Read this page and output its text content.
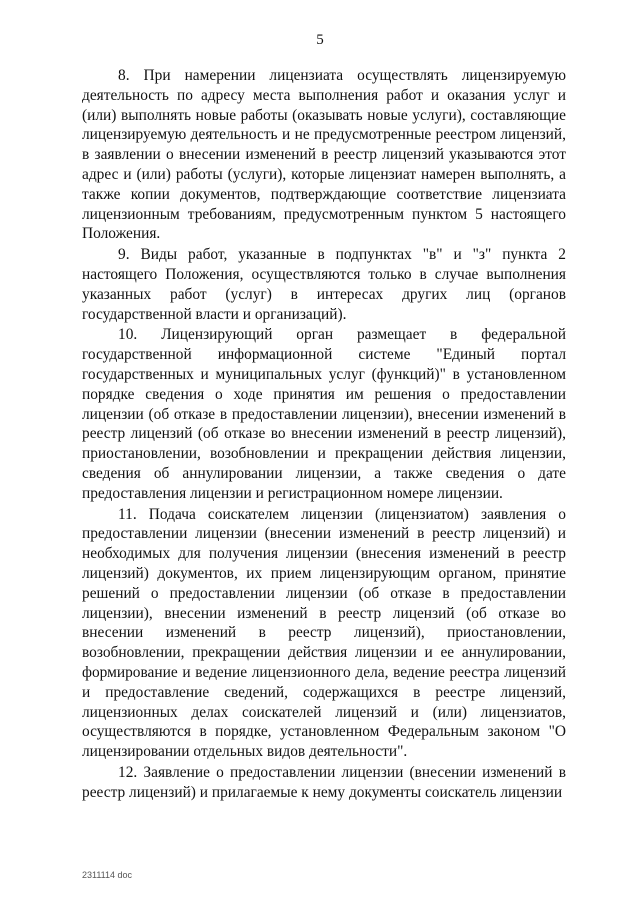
5

8. При намерении лицензиата осуществлять лицензируемую деятельность по адресу места выполнения работ и оказания услуг и (или) выполнять новые работы (оказывать новые услуги), составляющие лицензируемую деятельность и не предусмотренные реестром лицензий, в заявлении о внесении изменений в реестр лицензий указываются этот адрес и (или) работы (услуги), которые лицензиат намерен выполнять, а также копии документов, подтверждающие соответствие лицензиата лицензионным требованиям, предусмотренным пунктом 5 настоящего Положения.

9. Виды работ, указанные в подпунктах "в" и "з" пункта 2 настоящего Положения, осуществляются только в случае выполнения указанных работ (услуг) в интересах других лиц (органов государственной власти и организаций).

10. Лицензирующий орган размещает в федеральной государственной информационной системе "Единый портал государственных и муниципальных услуг (функций)" в установленном порядке сведения о ходе принятия им решения о предоставлении лицензии (об отказе в предоставлении лицензии), внесении изменений в реестр лицензий (об отказе во внесении изменений в реестр лицензий), приостановлении, возобновлении и прекращении действия лицензии, сведения об аннулировании лицензии, а также сведения о дате предоставления лицензии и регистрационном номере лицензии.

11. Подача соискателем лицензии (лицензиатом) заявления о предоставлении лицензии (внесении изменений в реестр лицензий) и необходимых для получения лицензии (внесения изменений в реестр лицензий) документов, их прием лицензирующим органом, принятие решений о предоставлении лицензии (об отказе в предоставлении лицензии), внесении изменений в реестр лицензий (об отказе во внесении изменений в реестр лицензий), приостановлении, возобновлении, прекращении действия лицензии и ее аннулировании, формирование и ведение лицензионного дела, ведение реестра лицензий и предоставление сведений, содержащихся в реестре лицензий, лицензионных делах соискателей лицензий и (или) лицензиатов, осуществляются в порядке, установленном Федеральным законом "О лицензировании отдельных видов деятельности".

12. Заявление о предоставлении лицензии (внесении изменений в реестр лицензий) и прилагаемые к нему документы соискатель лицензии

2311114 doc
